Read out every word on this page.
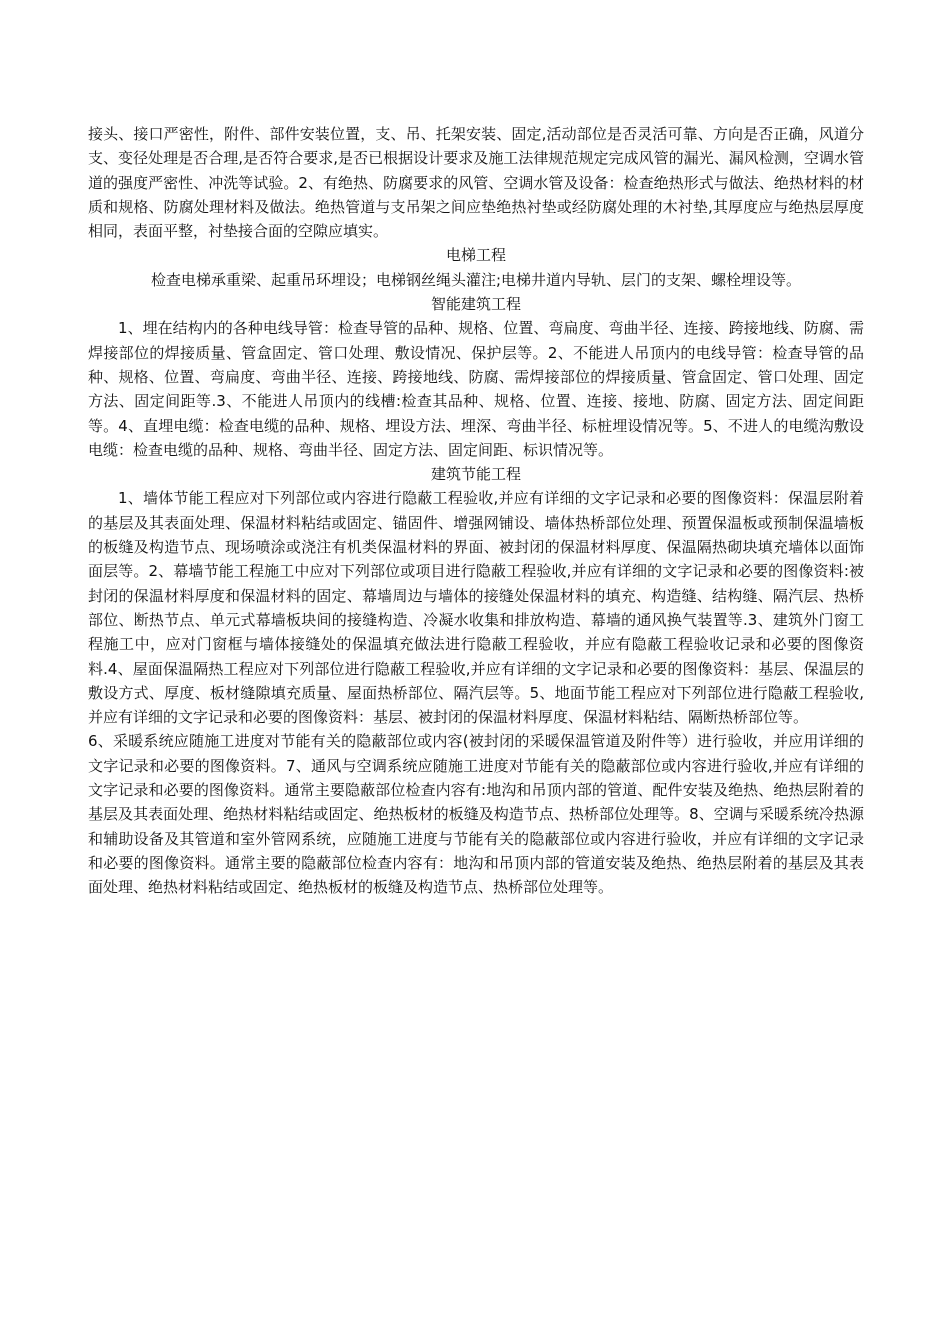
接头、接口严密性，附件、部件安装位置，支、吊、托架安装、固定,活动部位是否灵活可靠、方向是否正确，风道分支、变径处理是否合理,是否符合要求,是否已根据设计要求及施工法律规范规定完成风管的漏光、漏风检测，空调水管道的强度严密性、冲洗等试验。2、有绝热、防腐要求的风管、空调水管及设备：检查绝热形式与做法、绝热材料的材质和规格、防腐处理材料及做法。绝热管道与支吊架之间应垫绝热衬垫或经防腐处理的木衬垫,其厚度应与绝热层厚度相同，表面平整，衬垫接合面的空隙应填实。

电梯工程

检查电梯承重梁、起重吊环埋设；电梯钢丝绳头灌注;电梯井道内导轨、层门的支架、螺栓埋设等。

智能建筑工程

1、埋在结构内的各种电线导管：检查导管的品种、规格、位置、弯扁度、弯曲半径、连接、跨接地线、防腐、需焊接部位的焊接质量、管盒固定、管口处理、敷设情况、保护层等。2、不能进人吊顶内的电线导管：检查导管的品种、规格、位置、弯扁度、弯曲半径、连接、跨接地线、防腐、需焊接部位的焊接质量、管盒固定、管口处理、固定方法、固定间距等.3、不能进人吊顶内的线槽:检查其品种、规格、位置、连接、接地、防腐、固定方法、固定间距等。4、直埋电缆：检查电缆的品种、规格、埋设方法、埋深、弯曲半径、标桩埋设情况等。5、不进人的电缆沟敷设电缆：检查电缆的品种、规格、弯曲半径、固定方法、固定间距、标识情况等。

建筑节能工程

1、墙体节能工程应对下列部位或内容进行隐蔽工程验收,并应有详细的文字记录和必要的图像资料：保温层附着的基层及其表面处理、保温材料粘结或固定、锚固件、增强网铺设、墙体热桥部位处理、预置保温板或预制保温墙板的板缝及构造节点、现场喷涂或浇注有机类保温材料的界面、被封闭的保温材料厚度、保温隔热砌块填充墙体以面饰面层等。2、幕墙节能工程施工中应对下列部位或项目进行隐蔽工程验收,并应有详细的文字记录和必要的图像资料:被封闭的保温材料厚度和保温材料的固定、幕墙周边与墙体的接缝处保温材料的填充、构造缝、结构缝、隔汽层、热桥部位、断热节点、单元式幕墙板块间的接缝构造、冷凝水收集和排放构造、幕墙的通风换气装置等.3、建筑外门窗工程施工中，应对门窗框与墙体接缝处的保温填充做法进行隐蔽工程验收，并应有隐蔽工程验收记录和必要的图像资料.4、屋面保温隔热工程应对下列部位进行隐蔽工程验收,并应有详细的文字记录和必要的图像资料：基层、保温层的敷设方式、厚度、板材缝隙填充质量、屋面热桥部位、隔汽层等。5、地面节能工程应对下列部位进行隐蔽工程验收,并应有详细的文字记录和必要的图像资料：基层、被封闭的保温材料厚度、保温材料粘结、隔断热桥部位等。

6、采暖系统应随施工进度对节能有关的隐蔽部位或内容(被封闭的采暖保温管道及附件等）进行验收，并应用详细的文字记录和必要的图像资料。7、通风与空调系统应随施工进度对节能有关的隐蔽部位或内容进行验收,并应有详细的文字记录和必要的图像资料。通常主要隐蔽部位检查内容有:地沟和吊顶内部的管道、配件安装及绝热、绝热层附着的基层及其表面处理、绝热材料粘结或固定、绝热板材的板缝及构造节点、热桥部位处理等。8、空调与采暖系统冷热源和辅助设备及其管道和室外管网系统，应随施工进度与节能有关的隐蔽部位或内容进行验收，并应有详细的文字记录和必要的图像资料。通常主要的隐蔽部位检查内容有：地沟和吊顶内部的管道安装及绝热、绝热层附着的基层及其表面处理、绝热材料粘结或固定、绝热板材的板缝及构造节点、热桥部位处理等。
